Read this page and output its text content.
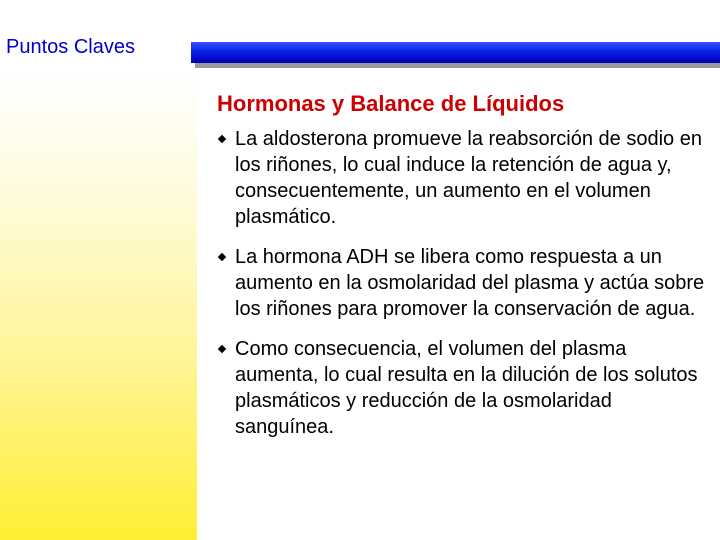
Puntos Claves
Hormonas y Balance de Líquidos
La aldosterona promueve la reabsorción de sodio en los riñones, lo cual induce la retención de agua y, consecuentemente, un aumento en el volumen plasmático.
La hormona ADH se libera como respuesta a un aumento en la osmolaridad del plasma y actúa sobre los riñones para promover la conservación de agua.
Como consecuencia, el volumen del plasma aumenta, lo cual resulta en la dilución de los solutos plasmáticos y reducción de la osmolaridad sanguínea.
